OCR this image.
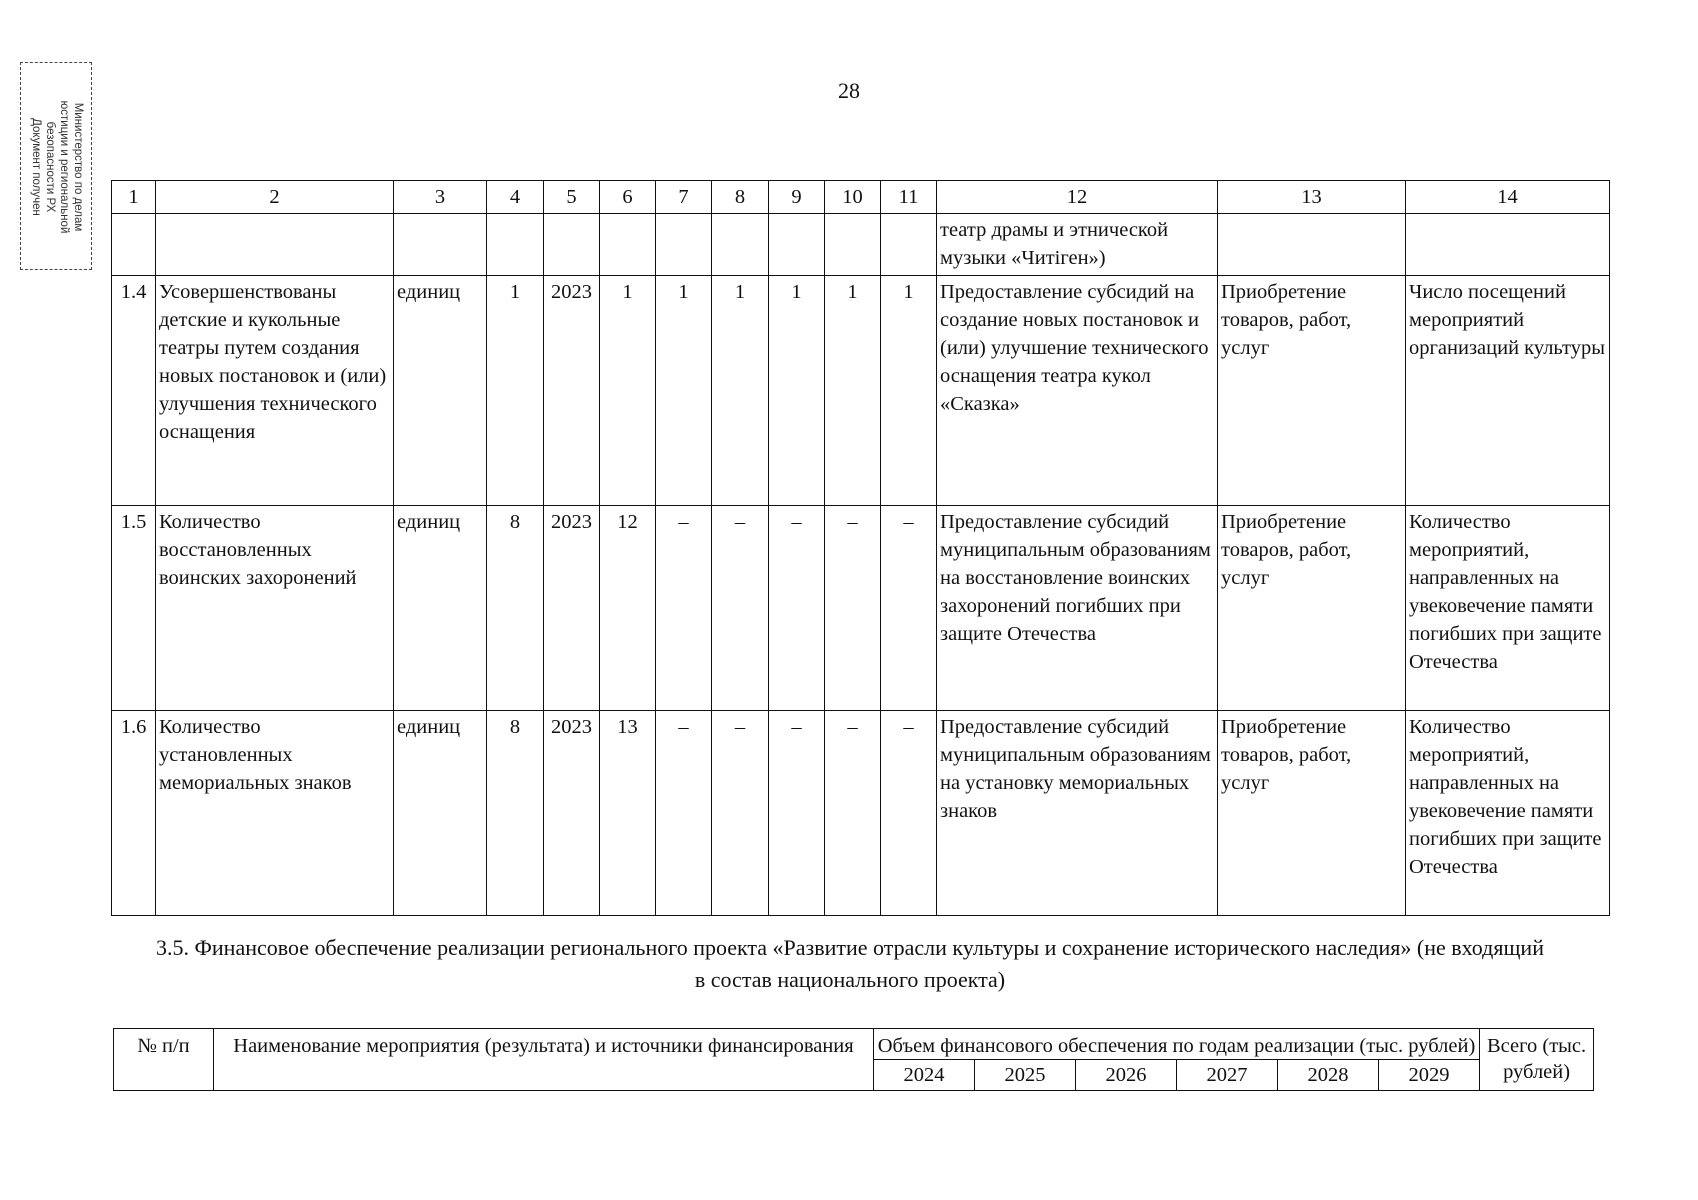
Министерство по делам
юстиции и региональной
безопасности РХ
Документ получен
28
1	2	3	4	5	6	7	8	9	10	11	12	13	14
											театр драмы и этнической музыки «Читіген»)		
1.4	Усовершенствованы детские и кукольные театры путем создания новых постановок и (или) улучшения технического оснащения	единиц	1	2023	1	1	1	1	1	1	Предоставление субсидий на создание новых постановок и (или) улучшение технического оснащения театра кукол «Сказка»	Приобретение товаров, работ, услуг	Число посещений мероприятий организаций культуры
1.5	Количество восстановленных воинских захоронений	единиц	8	2023	12	–	–	–	–	–	Предоставление субсидий муниципальным образованиям на восстановление воинских захоронений погибших при защите Отечества	Приобретение товаров, работ, услуг	Количество мероприятий, направленных на увековечение памяти погибших при защите Отечества
1.6	Количество установленных мемориальных знаков	единиц	8	2023	13	–	–	–	–	–	Предоставление субсидий муниципальным образованиям на установку мемориальных знаков	Приобретение товаров, работ, услуг	Количество мероприятий, направленных на увековечение памяти погибших при защите Отечества
3.5. Финансовое обеспечение реализации регионального проекта «Развитие отрасли культуры и сохранение исторического наследия» (не входящий в состав национального проекта)
№ п/п	Наименование мероприятия (результата) и источники финансирования	Объем финансового обеспечения по годам реализации (тыс. рублей)						Всего (тыс. рублей)
		2024	2025	2026	2027	2028	2029	
